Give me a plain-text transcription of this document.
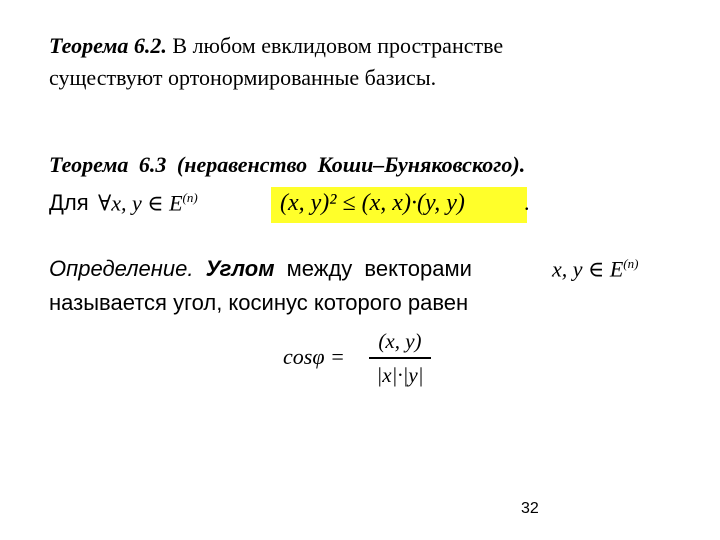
Теорема 6.2. В любом евклидовом пространстве
существуют ортонормированные базисы.
Теорема 6.3 (неравенство Коши–Буняковского).
Для ∀x, y ∈ $E^{(n)}$	(x, y)² ≤ (x, x)·(y, y)	.
Определение. Углом между векторами	x, y ∈ $E^{(n)}$
называется угол, косинус которого равен
cosφ =
(x, y)
|x|·|y|
32
